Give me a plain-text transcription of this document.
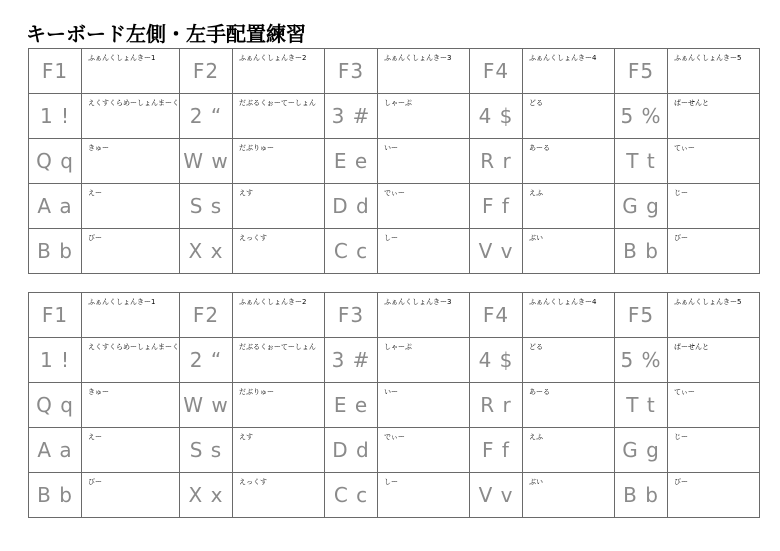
キーボード左側・左手配置練習
F1	ふぁんくしょんきー1	F2	ふぁんくしょんきー2	F3	ふぁんくしょんきー3	F4	ふぁんくしょんきー4	F5	ふぁんくしょんきー5

1 !	えくすくらめーしょんまーく	2 “	だぶるくぉーてーしょん	3 #	しゃーぷ	4 $	どる	5 %	ぱーせんと

Q q	きゅー	W w	だぶりゅー	E e	いー	R r	あーる	T t	てぃー

A a	えー	S s	えす	D d	でぃー	F f	えふ	G g	じー

B b	びー	X x	えっくす	C c	しー	V v	ぶい	B b	びー
F1	ふぁんくしょんきー1	F2	ふぁんくしょんきー2	F3	ふぁんくしょんきー3	F4	ふぁんくしょんきー4	F5	ふぁんくしょんきー5

1 !	えくすくらめーしょんまーく	2 “	だぶるくぉーてーしょん	3 #	しゃーぷ	4 $	どる	5 %	ぱーせんと

Q q	きゅー	W w	だぶりゅー	E e	いー	R r	あーる	T t	てぃー

A a	えー	S s	えす	D d	でぃー	F f	えふ	G g	じー

B b	びー	X x	えっくす	C c	しー	V v	ぶい	B b	びー
